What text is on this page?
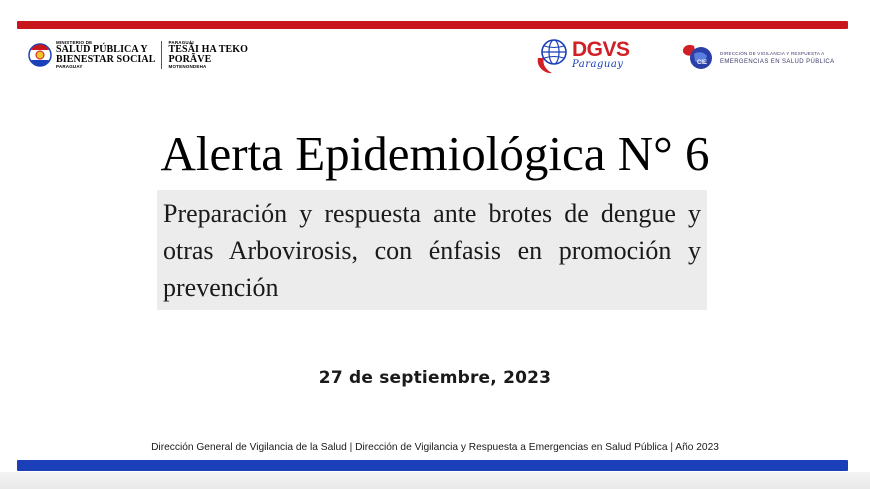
MINISTERIO DE
SALUD PÚBLICA Y
BIENESTAR SOCIAL
PARAGUAY
PARAGUÁI
TESÃI HA TEKO
PORÃVE
MOTENONDEHA
DGVS
Paraguay	CIE
DIRECCIÓN DE VIGILANCIA Y RESPUESTA A
EMERGENCIAS EN SALUD PÚBLICA
Alerta Epidemiológica N° 6
Preparación y respuesta ante brotes de dengue y otras Arbovirosis, con énfasis en promoción y prevención
27 de septiembre, 2023
Dirección General de Vigilancia de la Salud | Dirección de Vigilancia y Respuesta a Emergencias en Salud Pública | Año 2023
